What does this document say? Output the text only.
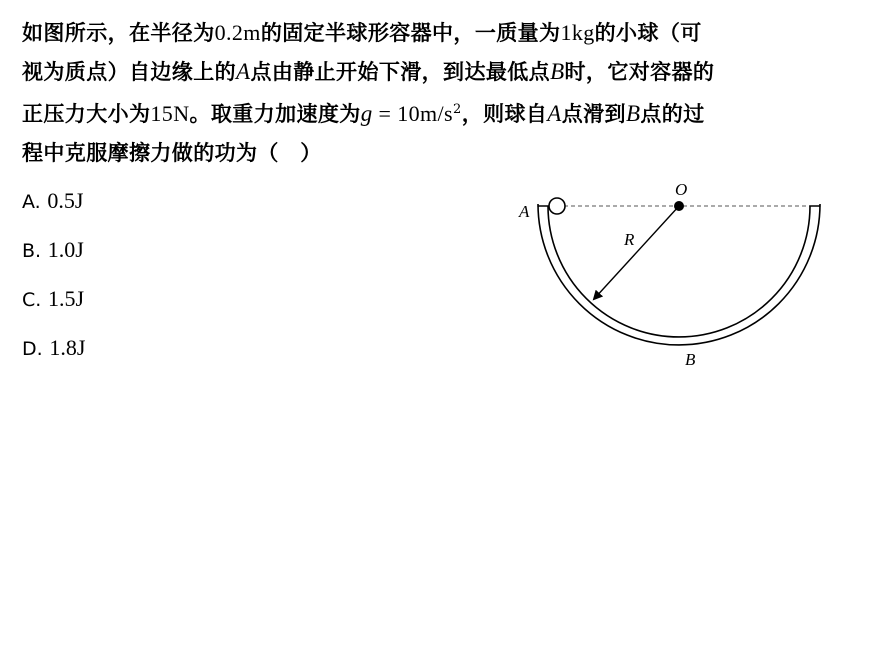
如图所示，在半径为0.2m的固定半球形容器中，一质量为1kg的小球（可
视为质点）自边缘上的A点由静止开始下滑，到达最低点B时，它对容器的
正压力大小为15N。取重力加速度为$g = 10m/s^2$，则球自A点滑到B点的过
程中克服摩擦力做的功为（　）
A. 0.5J
B. 1.0J
C. 1.5J
D. 1.8J
O
A
R
B
